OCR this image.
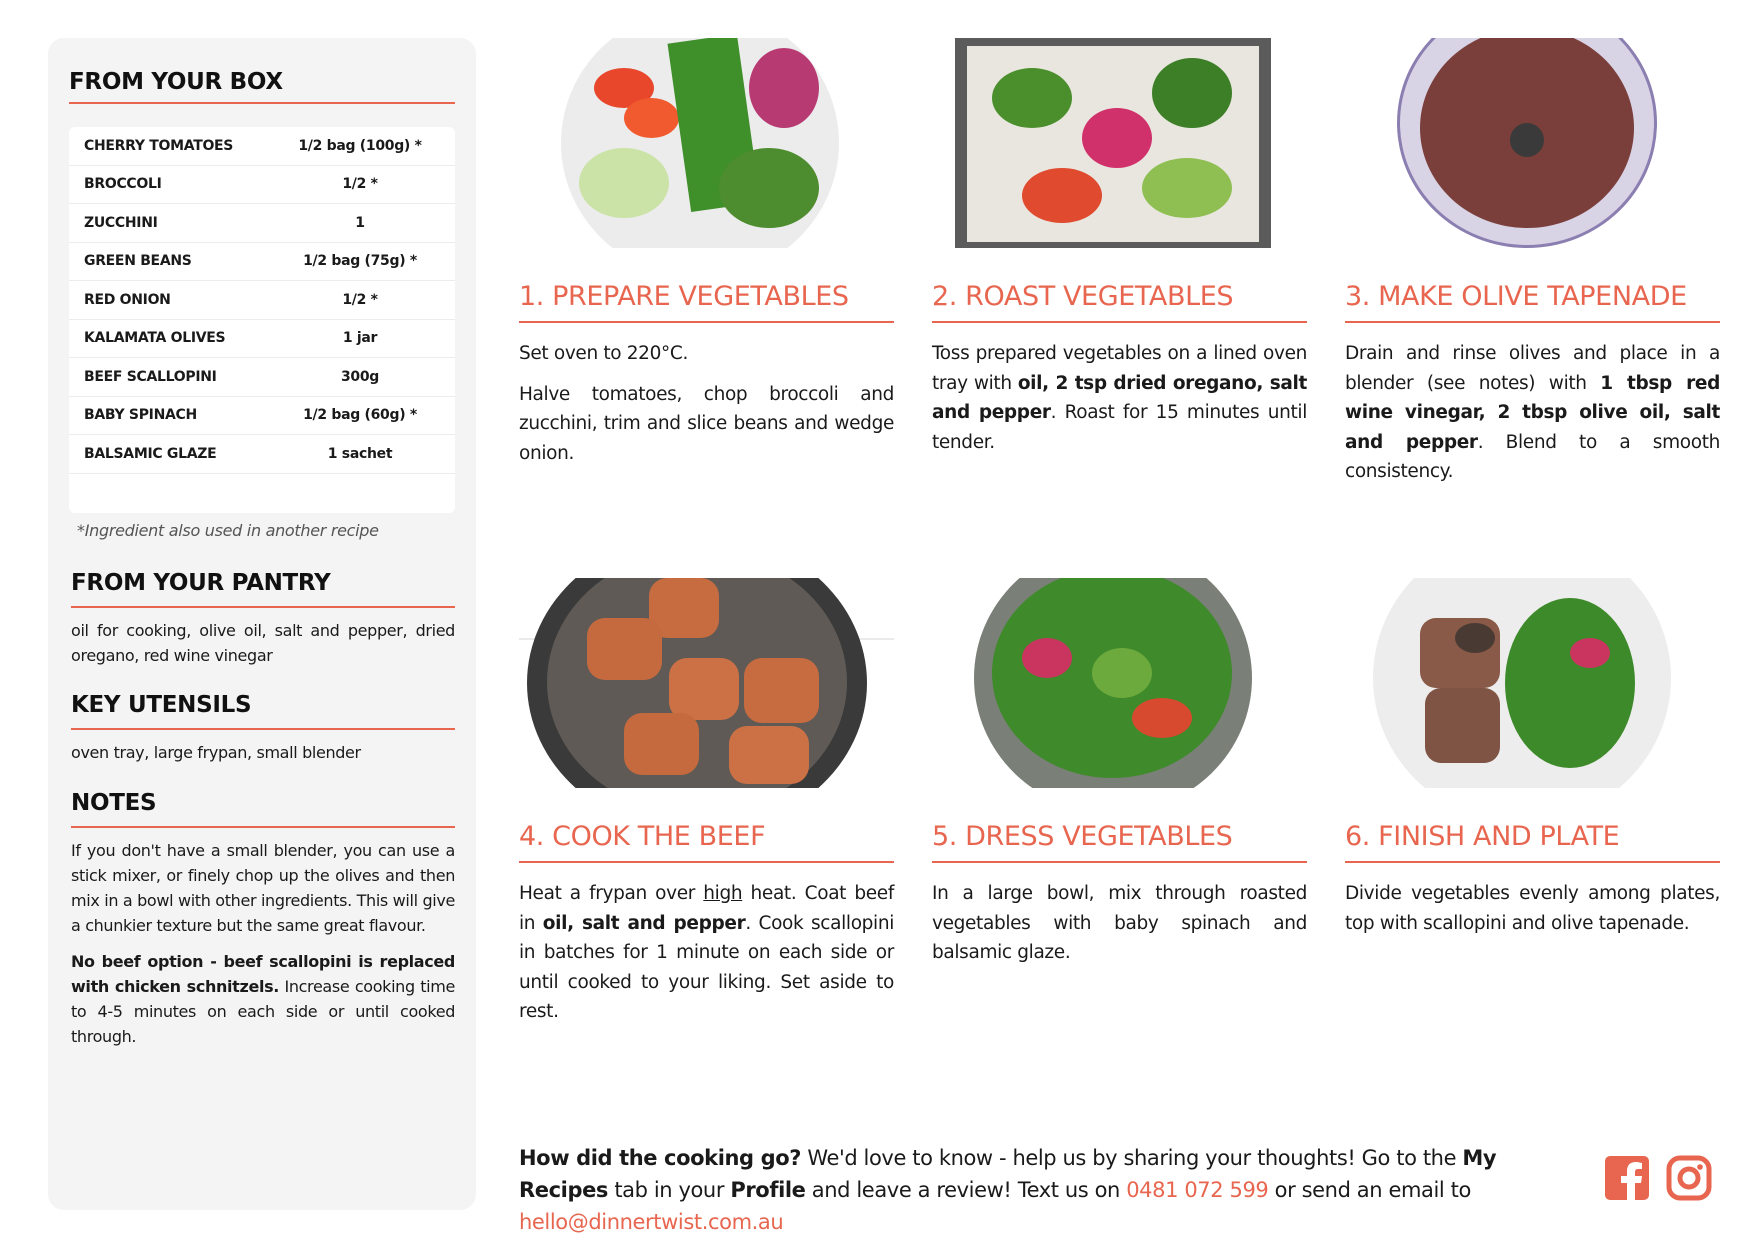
FROM YOUR BOX
CHERRY TOMATOES	1/2 bag (100g) *
BROCCOLI	1/2 *
ZUCCHINI	1
GREEN BEANS	1/2 bag (75g) *
RED ONION	1/2 *
KALAMATA OLIVES	1 jar
BEEF SCALLOPINI	300g
BABY SPINACH	1/2 bag (60g) *
BALSAMIC GLAZE	1 sachet
*Ingredient also used in another recipe
FROM YOUR PANTRY

oil for cooking, olive oil, salt and pepper, dried oregano, red wine vinegar

KEY UTENSILS

oven tray, large frypan, small blender

NOTES

If you don't have a small blender, you can use a stick mixer, or finely chop up the olives and then mix in a bowl with other ingredients. This will give a chunkier texture but the same great flavour.

No beef option - beef scallopini is replaced with chicken schnitzels. Increase cooking time to 4-5 minutes on each side or until cooked through.

1. PREPARE VEGETABLES

Set oven to 220°C.

Halve tomatoes, chop broccoli and zucchini, trim and slice beans and wedge onion.

2. ROAST VEGETABLES

Toss prepared vegetables on a lined oven tray with oil, 2 tsp dried oregano, salt and pepper. Roast for 15 minutes until tender.

3. MAKE OLIVE TAPENADE

Drain and rinse olives and place in a blender (see notes) with 1 tbsp red wine vinegar, 2 tbsp olive oil, salt and pepper. Blend to a smooth consistency.

4. COOK THE BEEF

Heat a frypan over high heat. Coat beef in oil, salt and pepper. Cook scallopini in batches for 1 minute on each side or until cooked to your liking. Set aside to rest.

5. DRESS VEGETABLES

In a large bowl, mix through roasted vegetables with baby spinach and balsamic glaze.

6. FINISH AND PLATE

Divide vegetables evenly among plates, top with scallopini and olive tapenade.

How did the cooking go? We'd love to know - help us by sharing your thoughts! Go to the My Recipes tab in your Profile and leave a review! Text us on 0481 072 599 or send an email to hello@dinnertwist.com.au
